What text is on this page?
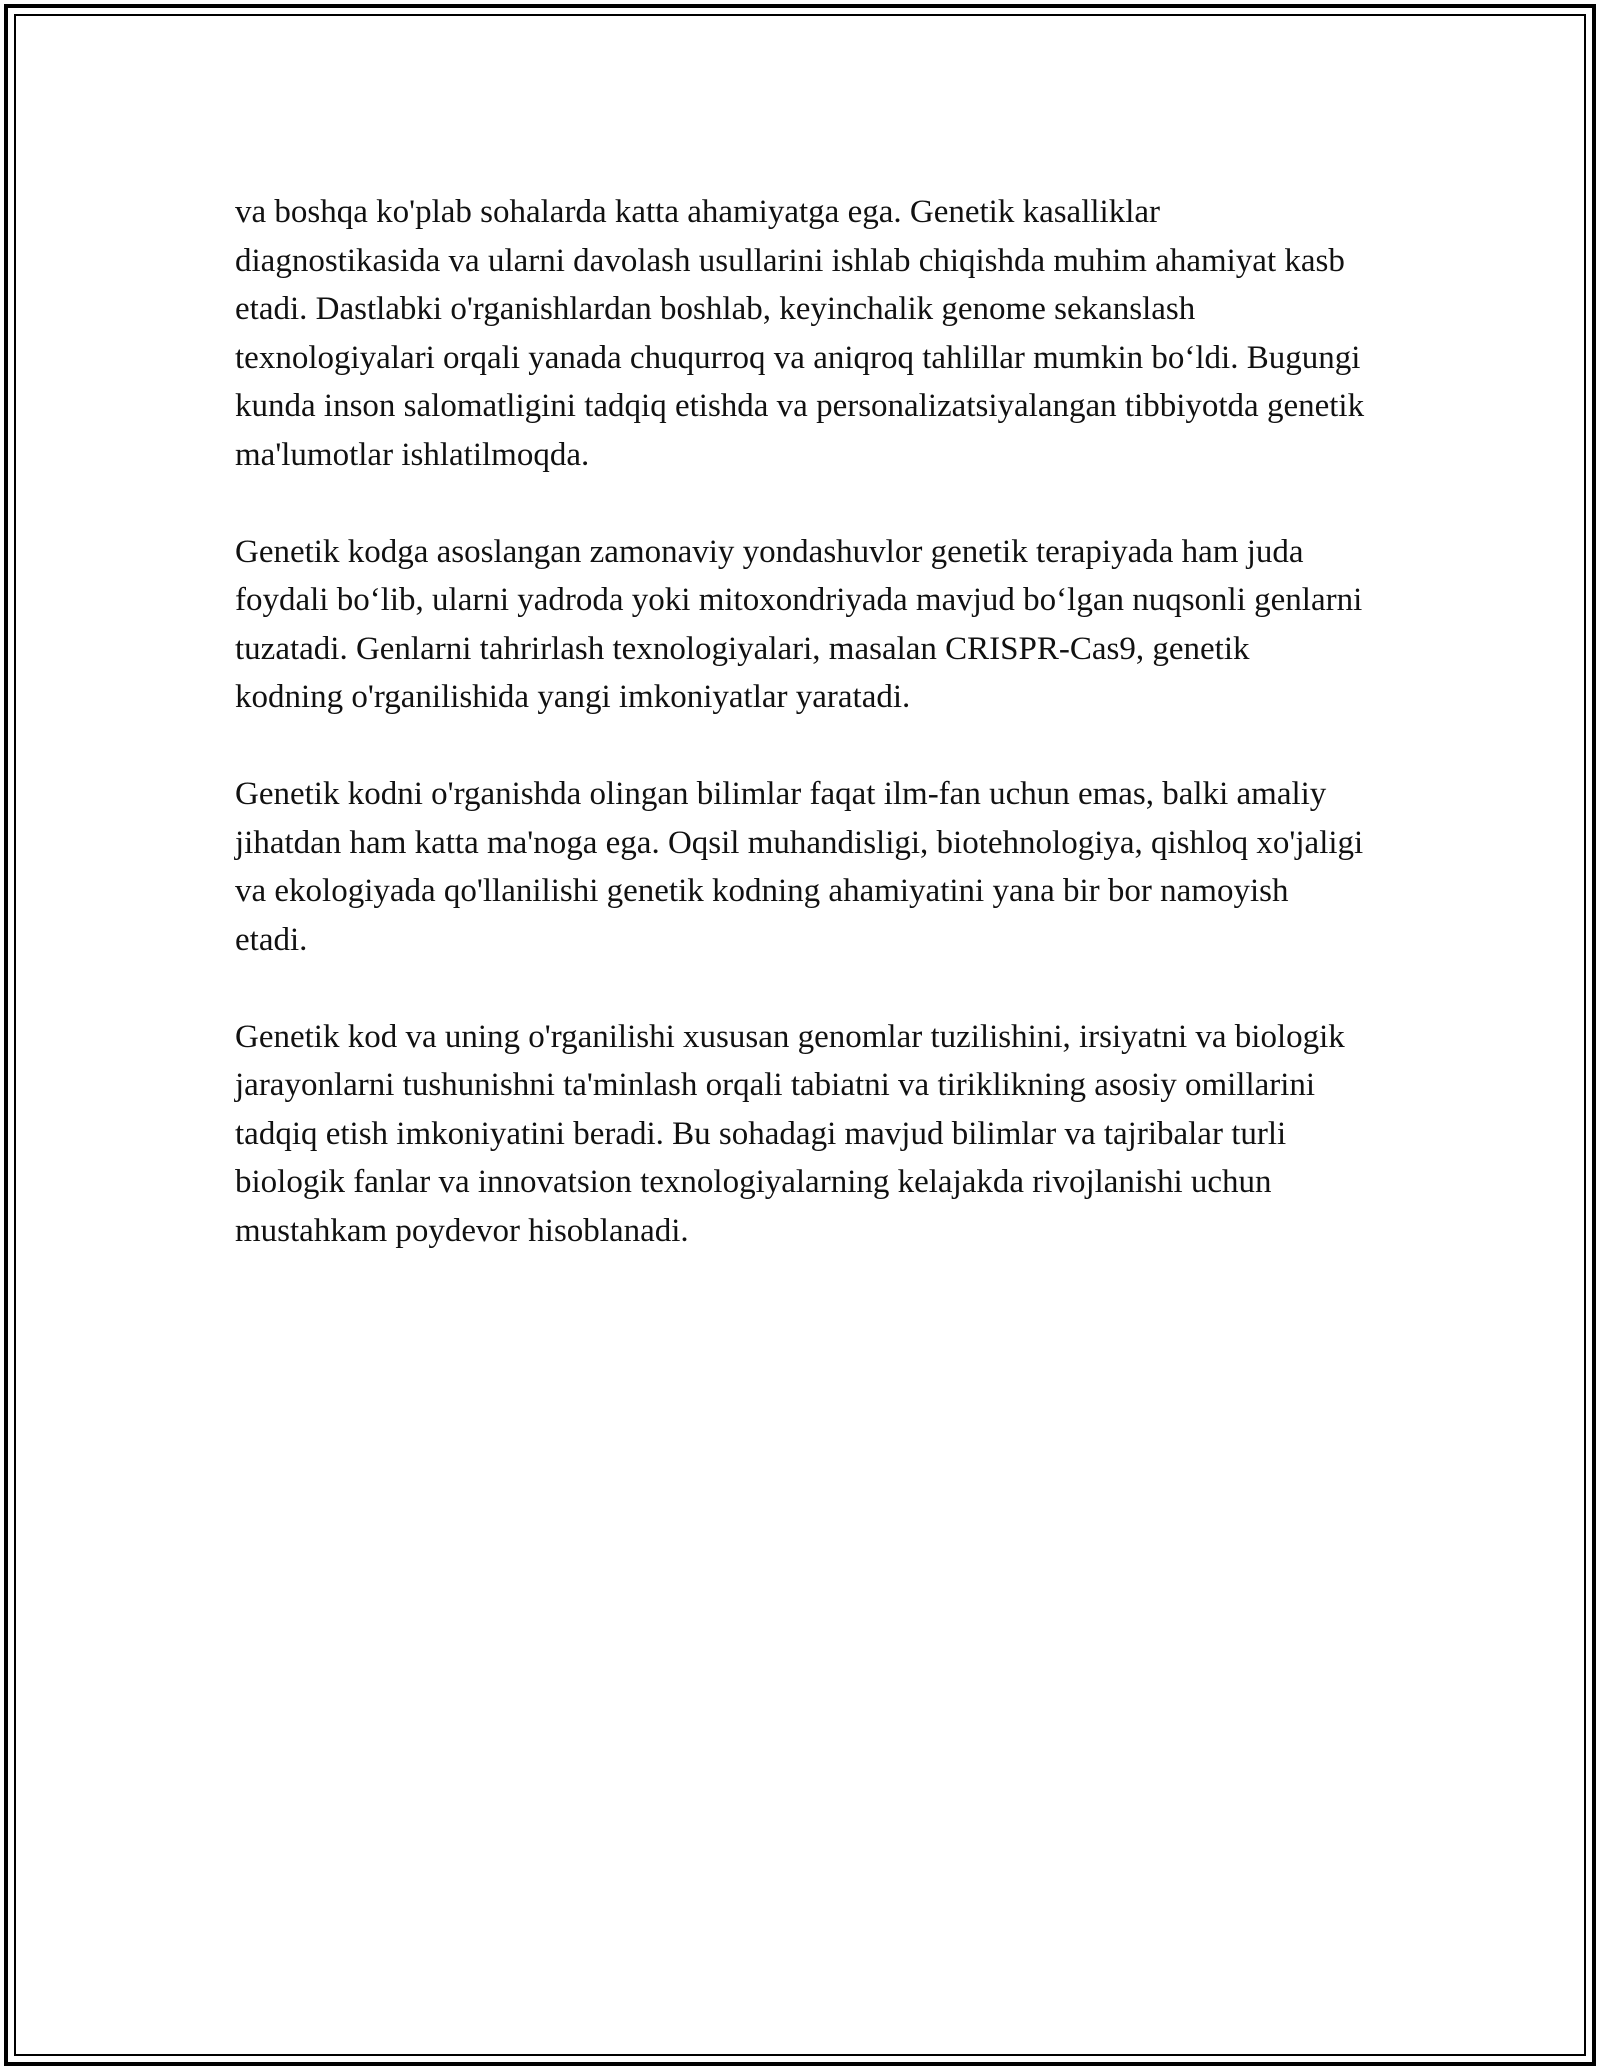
va boshqa ko'plab sohalarda katta ahamiyatga ega. Genetik kasalliklar diagnostikasida va ularni davolash usullarini ishlab chiqishda muhim ahamiyat kasb etadi. Dastlabki o'rganishlardan boshlab, keyinchalik genome sekanslash texnologiyalari orqali yanada chuqurroq va aniqroq tahlillar mumkin bo‘ldi. Bugungi kunda inson salomatligini tadqiq etishda va personalizatsiyalangan tibbiyotda genetik ma'lumotlar ishlatilmoqda.

Genetik kodga asoslangan zamonaviy yondashuvlor genetik terapiyada ham juda foydali bo‘lib, ularni yadroda yoki mitoxondriyada mavjud bo‘lgan nuqsonli genlarni tuzatadi. Genlarni tahrirlash texnologiyalari, masalan CRISPR-Cas9, genetik kodning o'rganilishida yangi imkoniyatlar yaratadi.

Genetik kodni o'rganishda olingan bilimlar faqat ilm-fan uchun emas, balki amaliy jihatdan ham katta ma'noga ega. Oqsil muhandisligi, biotehnologiya, qishloq xo'jaligi va ekologiyada qo'llanilishi genetik kodning ahamiyatini yana bir bor namoyish etadi.

Genetik kod va uning o'rganilishi xususan genomlar tuzilishini, irsiyatni va biologik jarayonlarni tushunishni ta'minlash orqali tabiatni va tiriklikning asosiy omillarini tadqiq etish imkoniyatini beradi. Bu sohadagi mavjud bilimlar va tajribalar turli biologik fanlar va innovatsion texnologiyalarning kelajakda rivojlanishi uchun mustahkam poydevor hisoblanadi.
